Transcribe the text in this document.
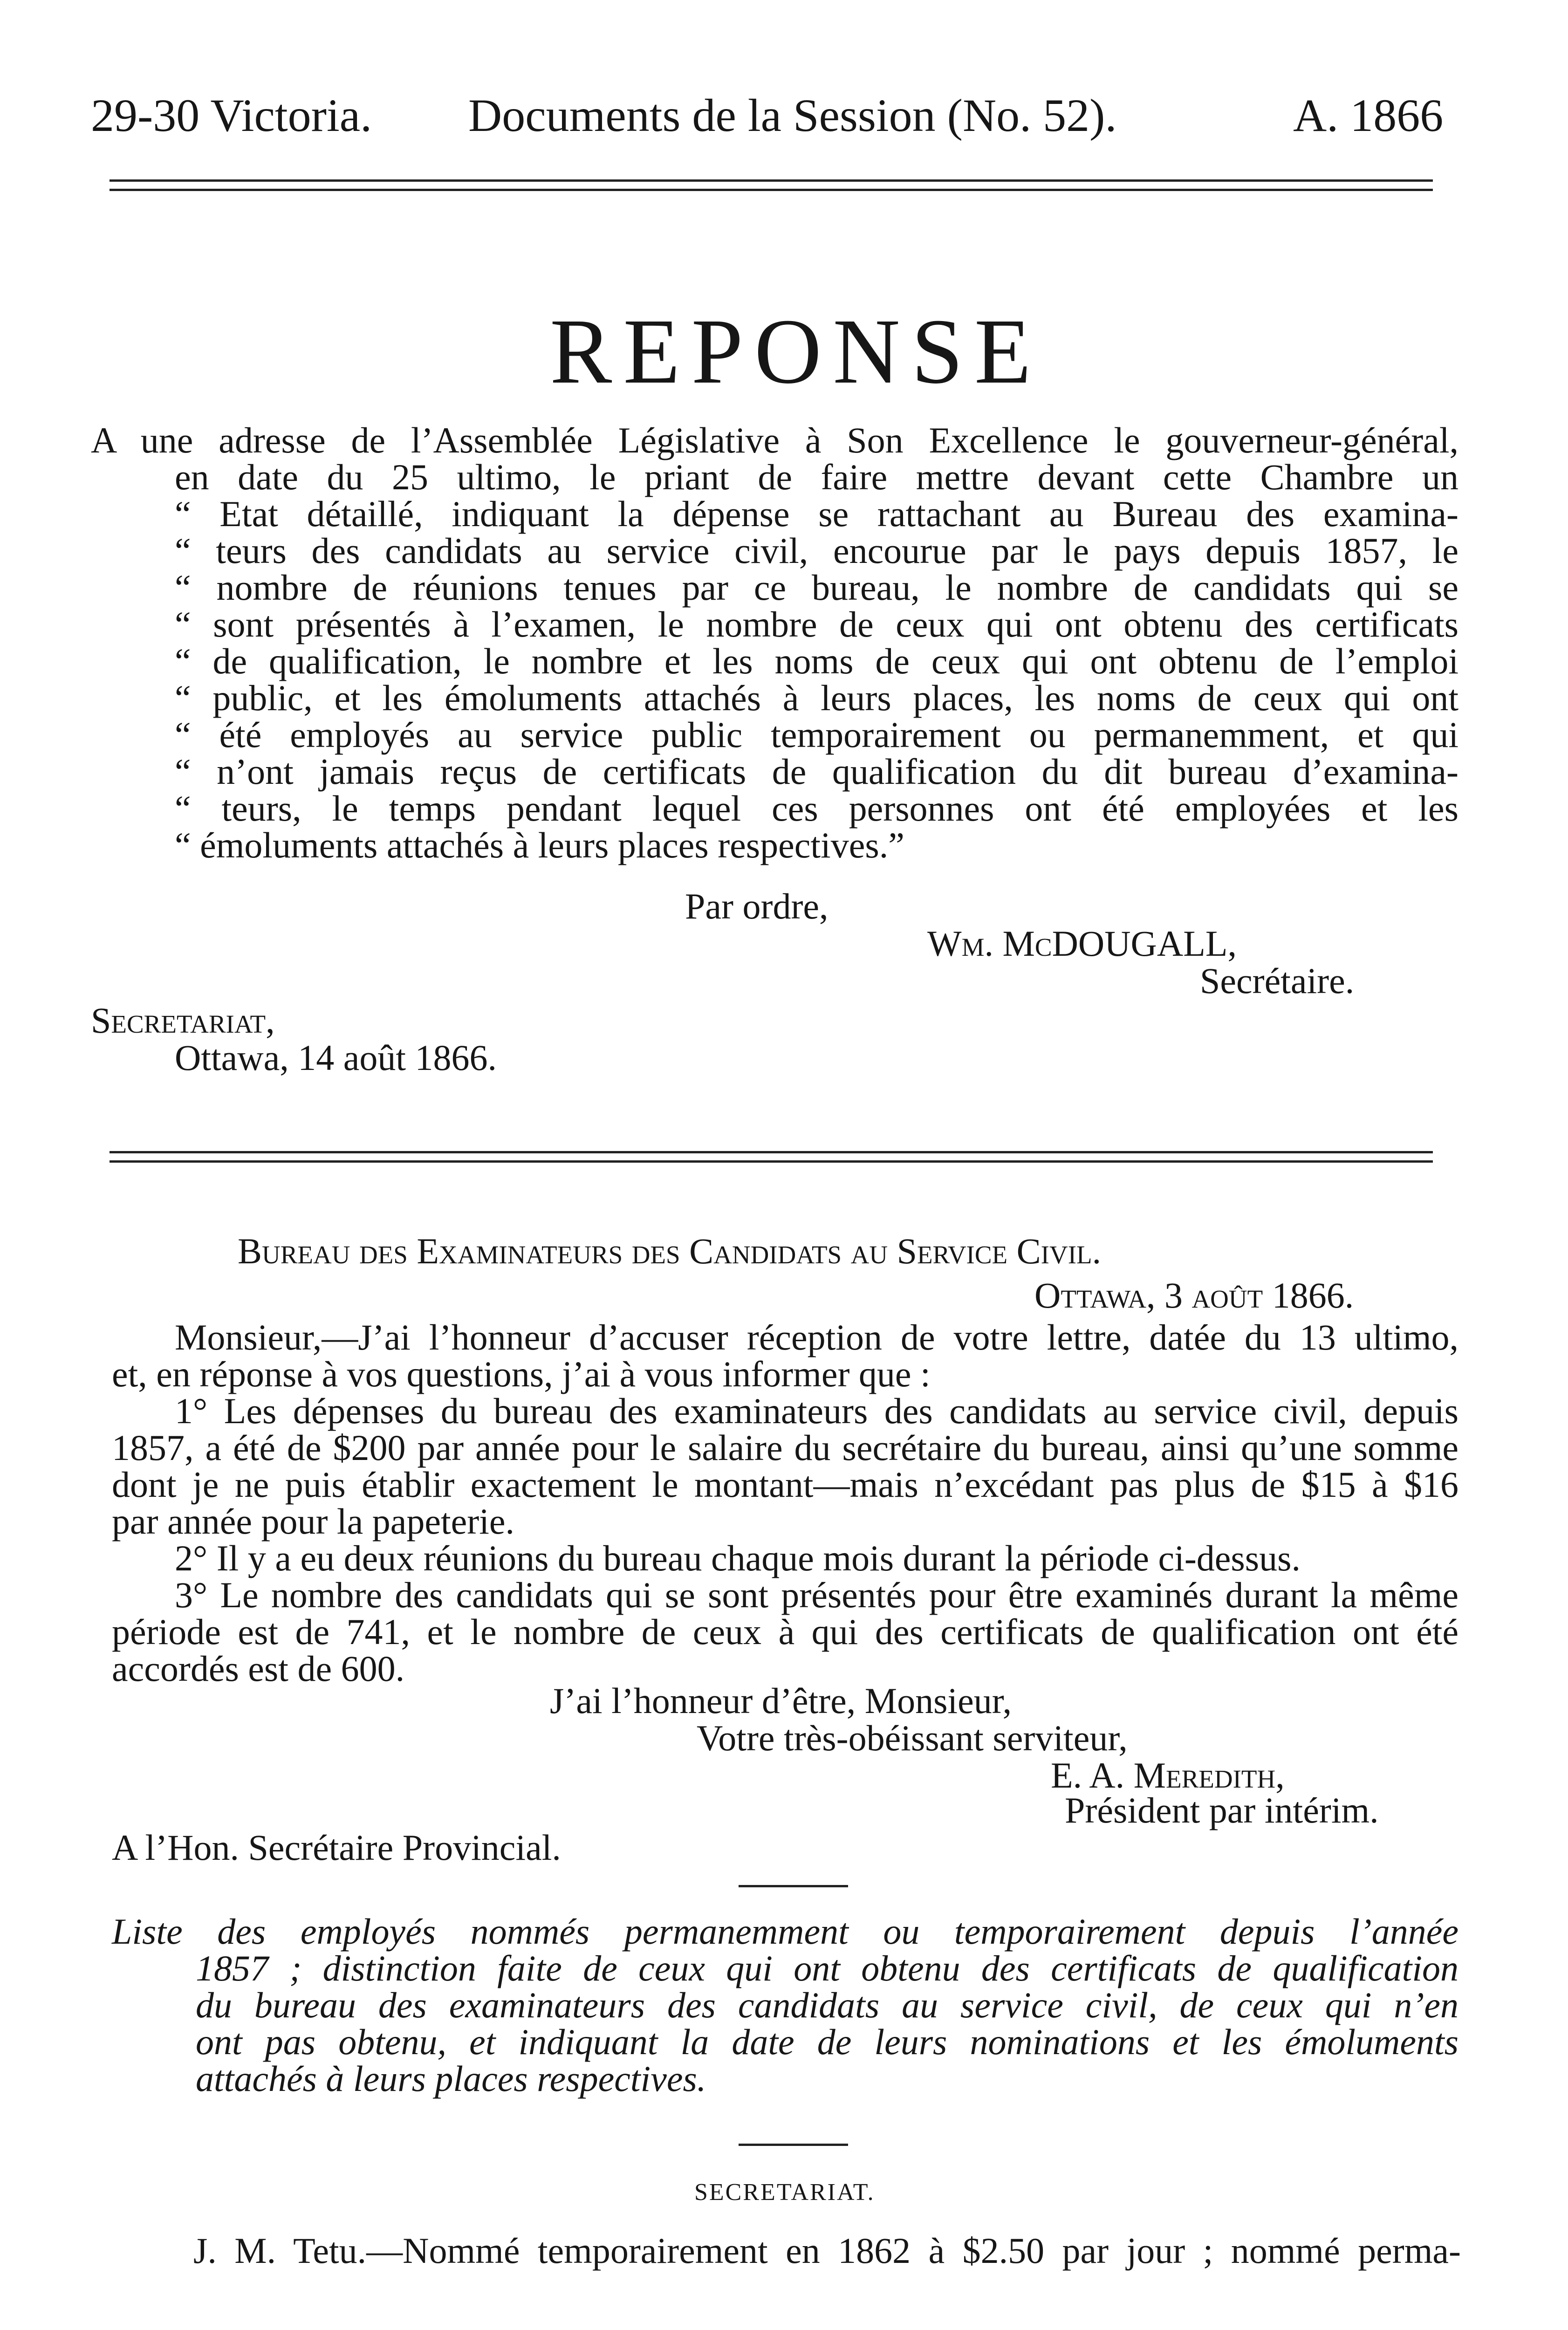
29-30 Victoria. Documents de la Session (No. 52).	A. 1866
REPONSE
A une adresse de l’Assemblée Législative à Son Excellence le gouverneur-général,
en date du 25 ultimo, le priant de faire mettre devant cette Chambre un
“ Etat détaillé, indiquant la dépense se rattachant au Bureau des examina-
“ teurs des candidats au service civil, encourue par le pays depuis 1857, le
“ nombre de réunions tenues par ce bureau, le nombre de candidats qui se
“ sont présentés à l’examen, le nombre de ceux qui ont obtenu des certificats
“ de qualification, le nombre et les noms de ceux qui ont obtenu de l’emploi
“ public, et les émoluments attachés à leurs places, les noms de ceux qui ont
“ été employés au service public temporairement ou permanemment, et qui
“ n’ont jamais reçus de certificats de qualification du dit bureau d’examina-
“ teurs, le temps pendant lequel ces personnes ont été employées et les
“ émoluments attachés à leurs places respectives.”
Par ordre,
Wm. McDOUGALL,
Secrétaire.
Secretariat,
Ottawa, 14 août 1866.
Bureau des Examinateurs des Candidats au Service Civil.
Ottawa, 3 août 1866.
Monsieur,—J’ai l’honneur d’accuser réception de votre lettre, datée du 13 ultimo,
et, en réponse à vos questions, j’ai à vous informer que :
1° Les dépenses du bureau des examinateurs des candidats au service civil, depuis
1857, a été de $200 par année pour le salaire du secrétaire du bureau, ainsi qu’une somme
dont je ne puis établir exactement le montant—mais n’excédant pas plus de $15 à $16
par année pour la papeterie.
2° Il y a eu deux réunions du bureau chaque mois durant la période ci-dessus.
3° Le nombre des candidats qui se sont présentés pour être examinés durant la même
période est de 741, et le nombre de ceux à qui des certificats de qualification ont été
accordés est de 600.
J’ai l’honneur d’être, Monsieur,
Votre très-obéissant serviteur,
E. A. Meredith,
Président par intérim.
A l’Hon. Secrétaire Provincial.
Liste des employés nommés permanemment ou temporairement depuis l’année
1857 ; distinction faite de ceux qui ont obtenu des certificats de qualification
du bureau des examinateurs des candidats au service civil, de ceux qui n’en
ont pas obtenu, et indiquant la date de leurs nominations et les émoluments
attachés à leurs places respectives.
SECRETARIAT.
J. M. Tetu.—Nommé temporairement en 1862 à $2.50 par jour ; nommé perma-
